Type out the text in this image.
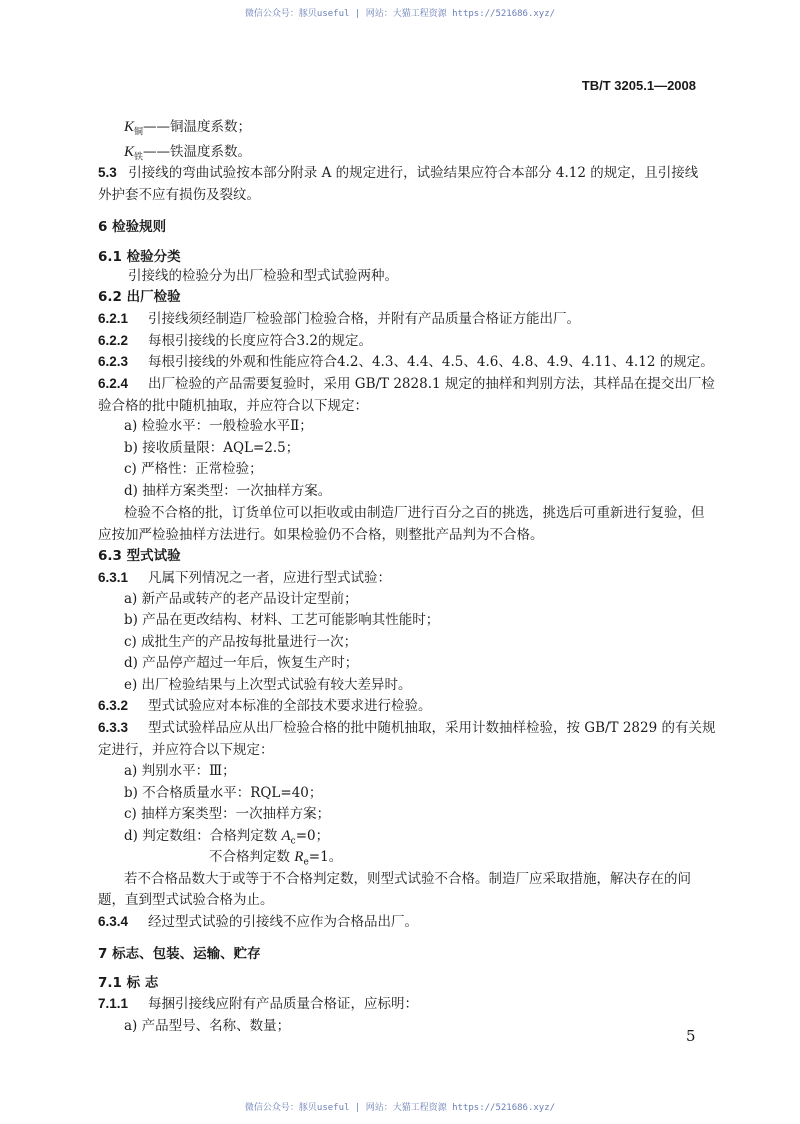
微信公众号：豚贝useful | 网站：大猫工程资源 https://521686.xyz/
TB/T 3205.1—2008
$K_铜——$铜温度系数；
$K_铁——$铁温度系数。
5.3 引接线的弯曲试验按本部分附录 A 的规定进行，试验结果应符合本部分 4.12 的规定，且引接线
外护套不应有损伤及裂纹。
6 检验规则
6.1 检验分类
引接线的检验分为出厂检验和型式试验两种。
6.2 出厂检验
6.2.1 引接线须经制造厂检验部门检验合格，并附有产品质量合格证方能出厂。
6.2.2 每根引接线的长度应符合3.2的规定。
6.2.3 每根引接线的外观和性能应符合4.2、4.3、4.4、4.5、4.6、4.8、4.9、4.11、4.12 的规定。
6.2.4 出厂检验的产品需要复验时，采用 GB/T 2828.1 规定的抽样和判别方法，其样品在提交出厂检
验合格的批中随机抽取，并应符合以下规定：
a) 检验水平：一般检验水平Ⅱ；
b) 接收质量限：AQL=2.5；
c) 严格性：正常检验；
d) 抽样方案类型：一次抽样方案。
检验不合格的批，订货单位可以拒收或由制造厂进行百分之百的挑选，挑选后可重新进行复验，但
应按加严检验抽样方法进行。如果检验仍不合格，则整批产品判为不合格。
6.3 型式试验
6.3.1 凡属下列情况之一者，应进行型式试验：
a) 新产品或转产的老产品设计定型前；
b) 产品在更改结构、材料、工艺可能影响其性能时；
c) 成批生产的产品按每批量进行一次；
d) 产品停产超过一年后，恢复生产时；
e) 出厂检验结果与上次型式试验有较大差异时。
6.3.2 型式试验应对本标准的全部技术要求进行检验。
6.3.3 型式试验样品应从出厂检验合格的批中随机抽取，采用计数抽样检验，按 GB/T 2829 的有关规
定进行，并应符合以下规定：
a) 判别水平：Ⅲ；
b) 不合格质量水平：RQL=40；
c) 抽样方案类型：一次抽样方案；
d) 判定数组：合格判定数 $A_c=0$；
不合格判定数 $R_e=1$。
若不合格品数大于或等于不合格判定数，则型式试验不合格。制造厂应采取措施，解决存在的问
题，直到型式试验合格为止。
6.3.4 经过型式试验的引接线不应作为合格品出厂。
7 标志、包装、运输、贮存
7.1 标 志
7.1.1 每捆引接线应附有产品质量合格证，应标明：
a) 产品型号、名称、数量；
5
微信公众号：豚贝useful | 网站：大猫工程资源 https://521686.xyz/
